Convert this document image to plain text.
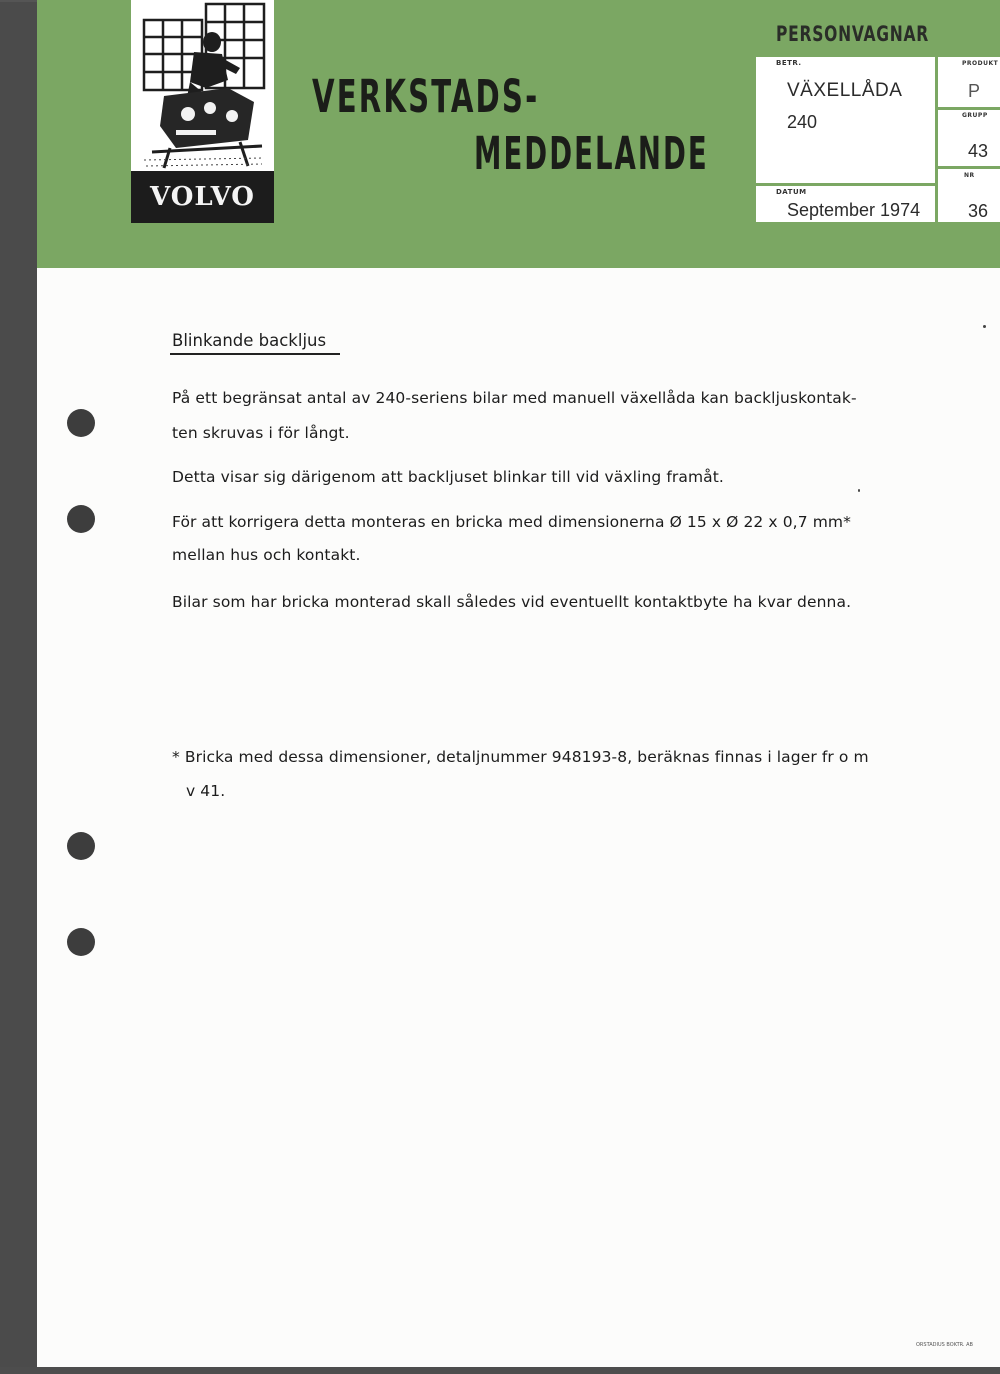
VOLVO
VERKSTADS-
MEDDELANDE
PERSONVAGNAR
BETR.
VÄXELLÅDA
240
DATUM
September 1974
PRODUKT
P
GRUPP
43
NR
36
Blinkande backljus
På ett begränsat antal av 240-seriens bilar med manuell växellåda kan backljuskontak-
ten skruvas i för långt.
Detta visar sig därigenom att backljuset blinkar till vid växling framåt.
För att korrigera detta monteras en bricka med dimensionerna Ø 15 x Ø 22 x 0,7 mm*
mellan hus och kontakt.
Bilar som har bricka monterad skall således vid eventuellt kontaktbyte ha kvar denna.
* Bricka med dessa dimensioner, detaljnummer 948193-8, beräknas finnas i lager fr o m
v 41.
ORSTADIUS BOKTR. AB
